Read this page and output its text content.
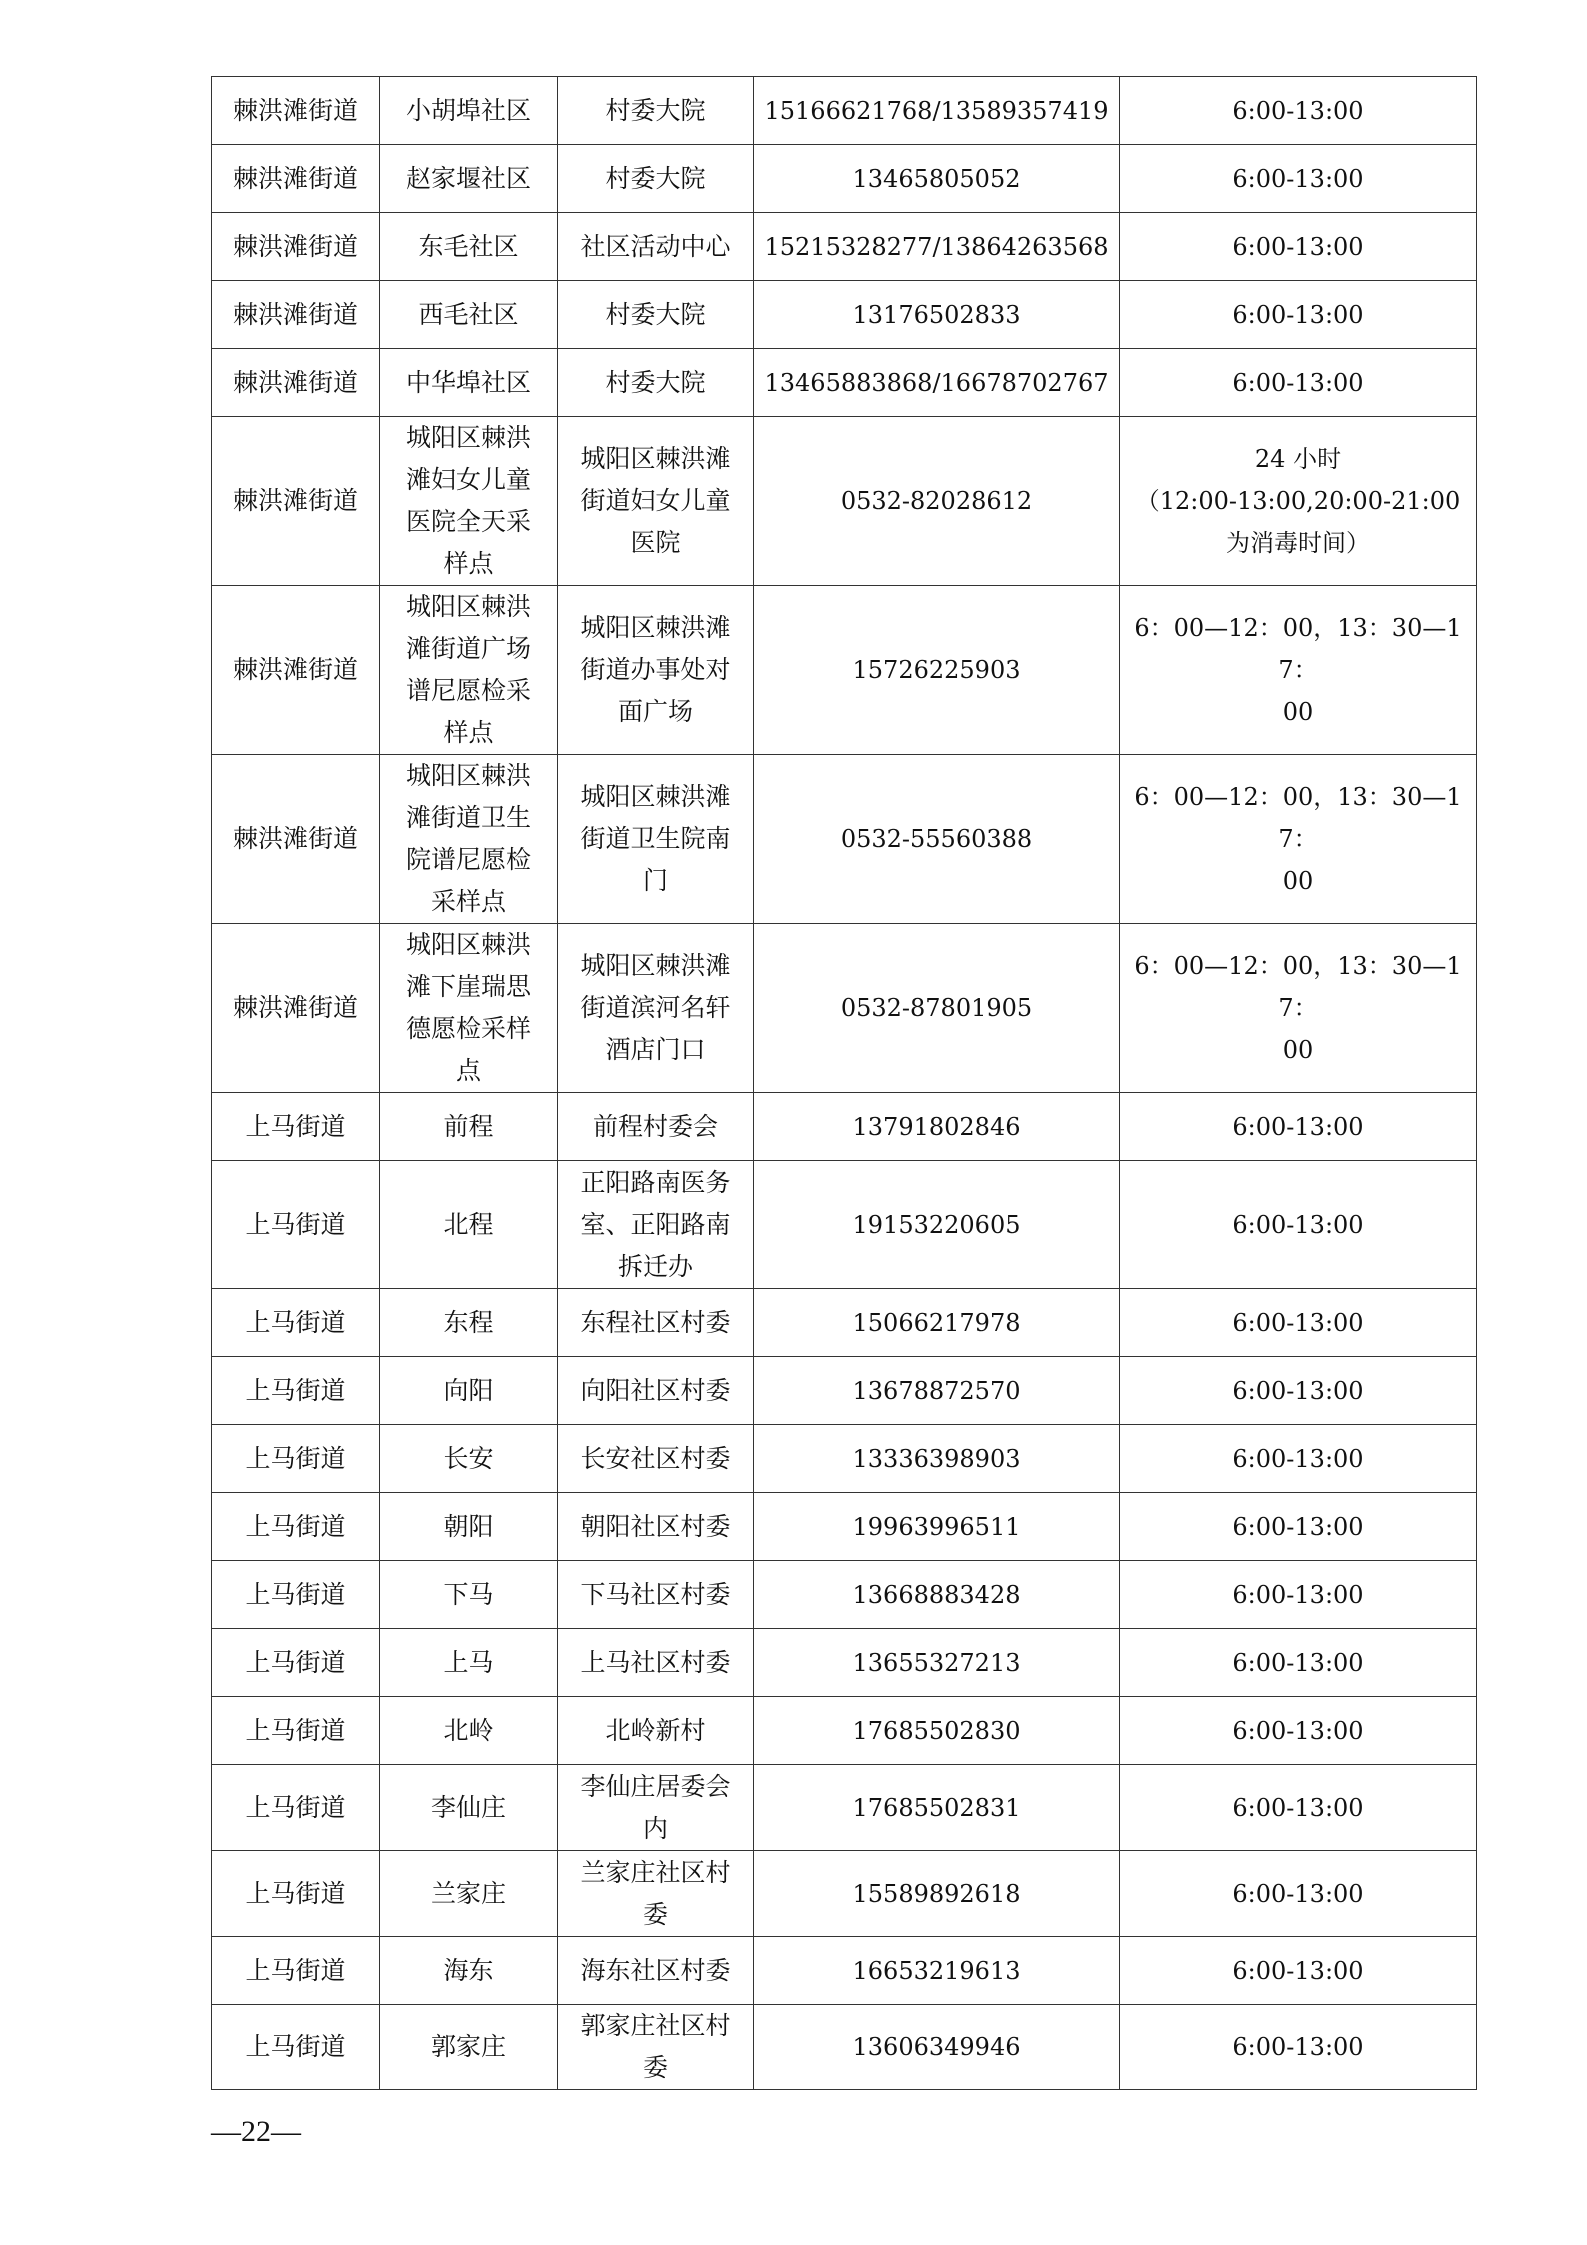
棘洪滩街道	小胡埠社区	村委大院	15166621768/13589357419	6:00-13:00
棘洪滩街道	赵家堰社区	村委大院	13465805052	6:00-13:00
棘洪滩街道	东毛社区	社区活动中心	15215328277/13864263568	6:00-13:00
棘洪滩街道	西毛社区	村委大院	13176502833	6:00-13:00
棘洪滩街道	中华埠社区	村委大院	13465883868/16678702767	6:00-13:00
棘洪滩街道	城阳区棘洪
滩妇女儿童
医院全天采
样点	城阳区棘洪滩
街道妇女儿童
医院	0532-82028612	24 小时
（12:00-13:00,20:00-21:00
为消毒时间）
棘洪滩街道	城阳区棘洪
滩街道广场
谱尼愿检采
样点	城阳区棘洪滩
街道办事处对
面广场	15726225903	6：00—12：00，13：30—17：
00
棘洪滩街道	城阳区棘洪
滩街道卫生
院谱尼愿检
采样点	城阳区棘洪滩
街道卫生院南
门	0532-55560388	6：00—12：00，13：30—17：
00
棘洪滩街道	城阳区棘洪
滩下崖瑞思
德愿检采样
点	城阳区棘洪滩
街道滨河名轩
酒店门口	0532-87801905	6：00—12：00，13：30—17：
00
上马街道	前程	前程村委会	13791802846	6:00-13:00
上马街道	北程	正阳路南医务
室、正阳路南
拆迁办	19153220605	6:00-13:00
上马街道	东程	东程社区村委	15066217978	6:00-13:00
上马街道	向阳	向阳社区村委	13678872570	6:00-13:00
上马街道	长安	长安社区村委	13336398903	6:00-13:00
上马街道	朝阳	朝阳社区村委	19963996511	6:00-13:00
上马街道	下马	下马社区村委	13668883428	6:00-13:00
上马街道	上马	上马社区村委	13655327213	6:00-13:00
上马街道	北岭	北岭新村	17685502830	6:00-13:00
上马街道	李仙庄	李仙庄居委会
内	17685502831	6:00-13:00
上马街道	兰家庄	兰家庄社区村
委	15589892618	6:00-13:00
上马街道	海东	海东社区村委	16653219613	6:00-13:00
上马街道	郭家庄	郭家庄社区村
委	13606349946	6:00-13:00
—22—
